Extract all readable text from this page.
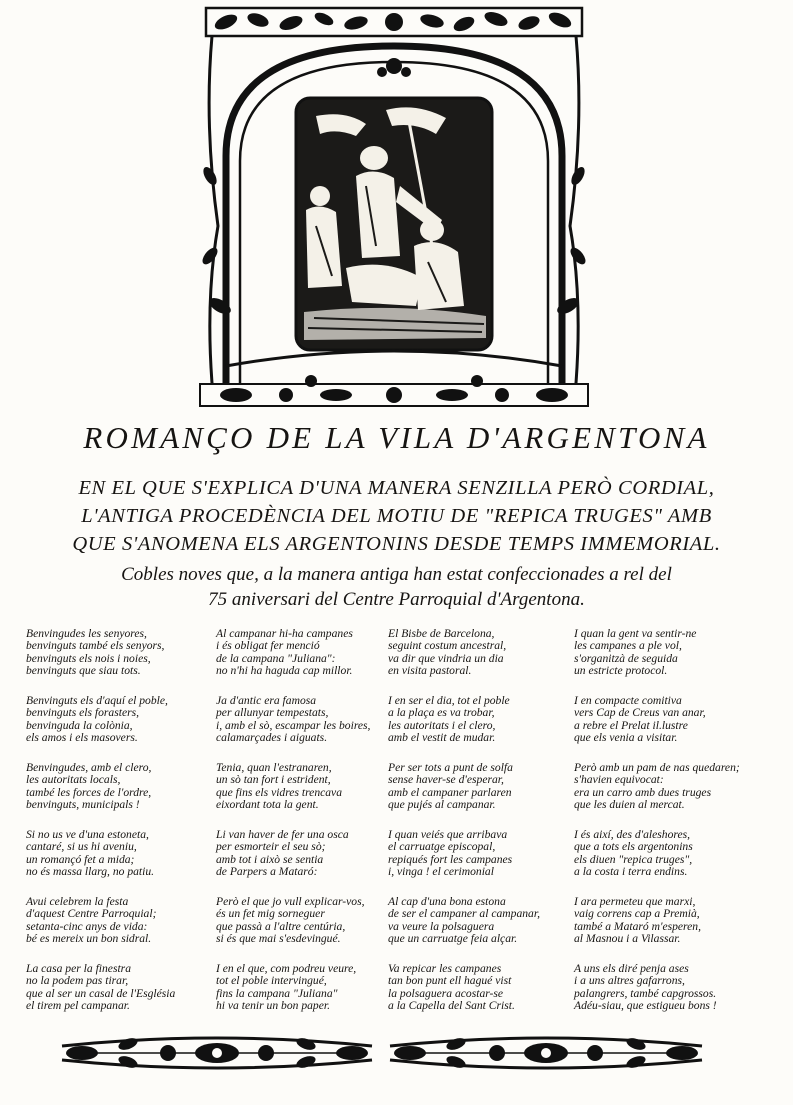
ROMANÇO DE LA VILA D'ARGENTONA
EN EL QUE S'EXPLICA D'UNA MANERA SENZILLA PERÒ CORDIAL,
L'ANTIGA PROCEDÈNCIA DEL MOTIU DE "REPICA TRUGES" AMB
QUE S'ANOMENA ELS ARGENTONINS DESDE TEMPS IMMEMORIAL.
Cobles noves que, a la manera antiga han estat confeccionades a rel del
75 aniversari del Centre Parroquial d'Argentona.
Benvingudes les senyores,
benvinguts també els senyors,
benvinguts els nois i noies,
benvinguts que siau tots.
Benvinguts els d'aquí el poble,
benvinguts els forasters,
benvinguda la colònia,
els amos i els masovers.
Benvingudes, amb el clero,
les autoritats locals,
també les forces de l'ordre,
benvinguts, municipals !
Si no us ve d'una estoneta,
cantaré, si us hi aveniu,
un romançó fet a mida;
no és massa llarg, no patiu.
Avui celebrem la festa
d'aquest Centre Parroquial;
setanta-cinc anys de vida:
bé es mereix un bon sidral.
La casa per la finestra
no la podem pas tirar,
que al ser un casal de l'Església
el tirem pel campanar.
Al campanar hi-ha campanes
i és obligat fer menció
de la campana "Juliana":
no n'hi ha haguda cap millor.
Ja d'antic era famosa
per allunyar tempestats,
i, amb el sò, escampar les boires,
calamarçades i aiguats.
Tenia, quan l'estranaren,
un sò tan fort i estrident,
que fins els vidres trencava
eixordant tota la gent.
Li van haver de fer una osca
per esmorteir el seu sò;
amb tot i això se sentia
de Parpers a Mataró:
Però el que jo vull explicar-vos,
és un fet mig sorneguer
que passà a l'altre centúria,
si és que mai s'esdevingué.
I en el que, com podreu veure,
tot el poble intervingué,
fins la campana "Juliana"
hi va tenir un bon paper.
El Bisbe de Barcelona,
seguint costum ancestral,
va dir que vindria un dia
en visita pastoral.
I en ser el dia, tot el poble
a la plaça es va trobar,
les autoritats i el clero,
amb el vestit de mudar.
Per ser tots a punt de solfa
sense haver-se d'esperar,
amb el campaner parlaren
que pujés al campanar.
I quan veiés que arribava
el carruatge episcopal,
repiqués fort les campanes
i, vinga ! el cerimonial
Al cap d'una bona estona
de ser el campaner al campanar,
va veure la polsaguera
que un carruatge feia alçar.
Va repicar les campanes
tan bon punt ell hagué vist
la polsaguera acostar-se
a la Capella del Sant Crist.
I quan la gent va sentir-ne
les campanes a ple vol,
s'organitzà de seguida
un estricte protocol.
I en compacte comitiva
vers Cap de Creus van anar,
a rebre el Prelat il.lustre
que els venia a visitar.
Però amb un pam de nas quedaren;
s'havien equivocat:
era un carro amb dues truges
que les duien al mercat.
I és així, des d'aleshores,
que a tots els argentonins
els diuen "repica truges",
a la costa i terra endins.
I ara permeteu que marxi,
vaig correns cap a Premià,
també a Mataró m'esperen,
al Masnou i a Vilassar.
A uns els diré penja ases
i a uns altres gafarrons,
palangrers, també capgrossos.
Adéu-siau, que estigueu bons !
